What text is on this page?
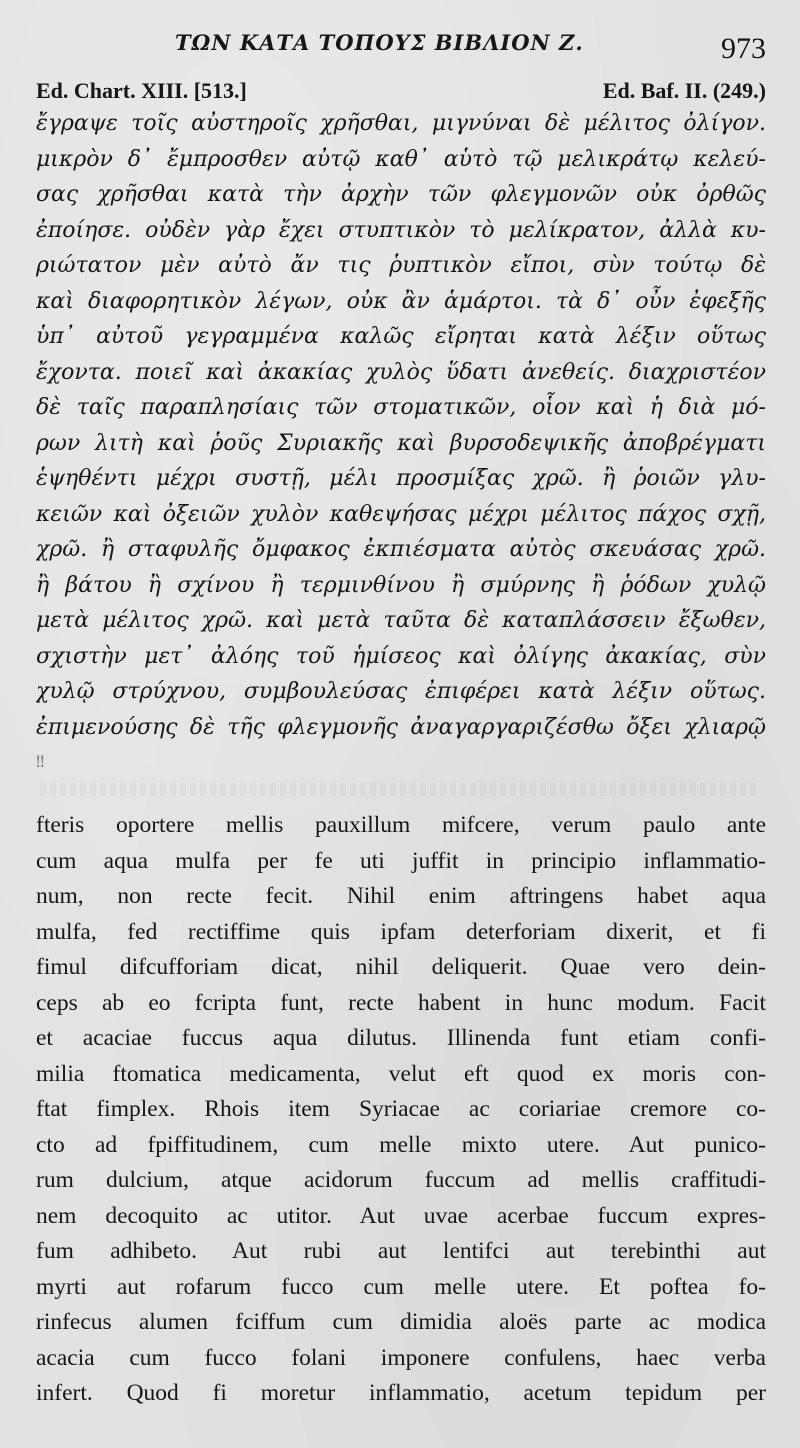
ΤΩΝ ΚΑΤΑ ΤΟΠΟΥΣ ΒΙΒΛΙΟΝ Ζ.	973
Ed. Chart. XIII. [513.]	Ed. Baf. II. (249.)
ἔγραψε τοῖς αὐστηροῖς χρῆσθαι, μιγνύναι δὲ μέλιτος ὀλίγον.
μικρὸν δ᾽ ἔμπροσθεν αὐτῷ καθ᾽ αὑτὸ τῷ μελικράτῳ κελεύ-
σας χρῆσθαι κατὰ τὴν ἀρχὴν τῶν φλεγμονῶν οὐκ ὀρθῶς
ἐποίησε. οὐδὲν γὰρ ἔχει στυπτικὸν τὸ μελίκρατον, ἀλλὰ κυ-
ριώτατον μὲν αὐτὸ ἄν τις ῥυπτικὸν εἴποι, σὺν τούτῳ δὲ
καὶ διαφορητικὸν λέγων, οὐκ ἂν ἁμάρτοι. τὰ δ᾽ οὖν ἐφεξῆς
ὑπ᾽ αὐτοῦ γεγραμμένα καλῶς εἴρηται κατὰ λέξιν οὕτως
ἔχοντα. ποιεῖ καὶ ἀκακίας χυλὸς ὕδατι ἀνεθείς. διαχριστέον
δὲ ταῖς παραπλησίαις τῶν στοματικῶν, οἷον καὶ ἡ διὰ μό-
ρων λιτὴ καὶ ῥοῦς Συριακῆς καὶ βυρσοδεψικῆς ἀποβρέγματι
ἑψηθέντι μέχρι συστῇ, μέλι προσμίξας χρῶ. ἢ ῥοιῶν γλυ-
κειῶν καὶ ὀξειῶν χυλὸν καθεψήσας μέχρι μέλιτος πάχος σχῇ,
χρῶ. ἢ σταφυλῆς ὄμφακος ἐκπιέσματα αὐτὸς σκευάσας χρῶ.
ἢ βάτου ἢ σχίνου ἢ τερμινθίνου ἢ σμύρνης ἢ ῥόδων χυλῷ
μετὰ μέλιτος χρῶ. καὶ μετὰ ταῦτα δὲ καταπλάσσειν ἔξωθεν,
σχιστὴν μετ᾽ ἀλόης τοῦ ἡμίσεος καὶ ὀλίγης ἀκακίας, σὺν
χυλῷ στρύχνου, συμβουλεύσας ἐπιφέρει κατὰ λέξιν οὕτως.
ἐπιμενούσης δὲ τῆς φλεγμονῆς ἀναγαργαριζέσθω ὄξει χλιαρῷ
‼
fteris oportere mellis pauxillum mifcere, verum paulo ante
cum aqua mulfa per fe uti juffit in principio inflammatio-
num, non recte fecit. Nihil enim aftringens habet aqua
mulfa, fed rectiffime quis ipfam deterforiam dixerit, et fi
fimul difcufforiam dicat, nihil deliquerit. Quae vero dein-
ceps ab eo fcripta funt, recte habent in hunc modum. Facit
et acaciae fuccus aqua dilutus. Illinenda funt etiam confi-
milia ftomatica medicamenta, velut eft quod ex moris con-
ftat fimplex. Rhois item Syriacae ac coriariae cremore co-
cto ad fpiffitudinem, cum melle mixto utere. Aut punico-
rum dulcium, atque acidorum fuccum ad mellis craffitudi-
nem decoquito ac utitor. Aut uvae acerbae fuccum expres-
fum adhibeto. Aut rubi aut lentifci aut terebinthi aut
myrti aut rofarum fucco cum melle utere. Et poftea fo-
rinfecus alumen fciffum cum dimidia aloës parte ac modica
acacia cum fucco folani imponere confulens, haec verba
infert. Quod fi moretur inflammatio, acetum tepidum per
